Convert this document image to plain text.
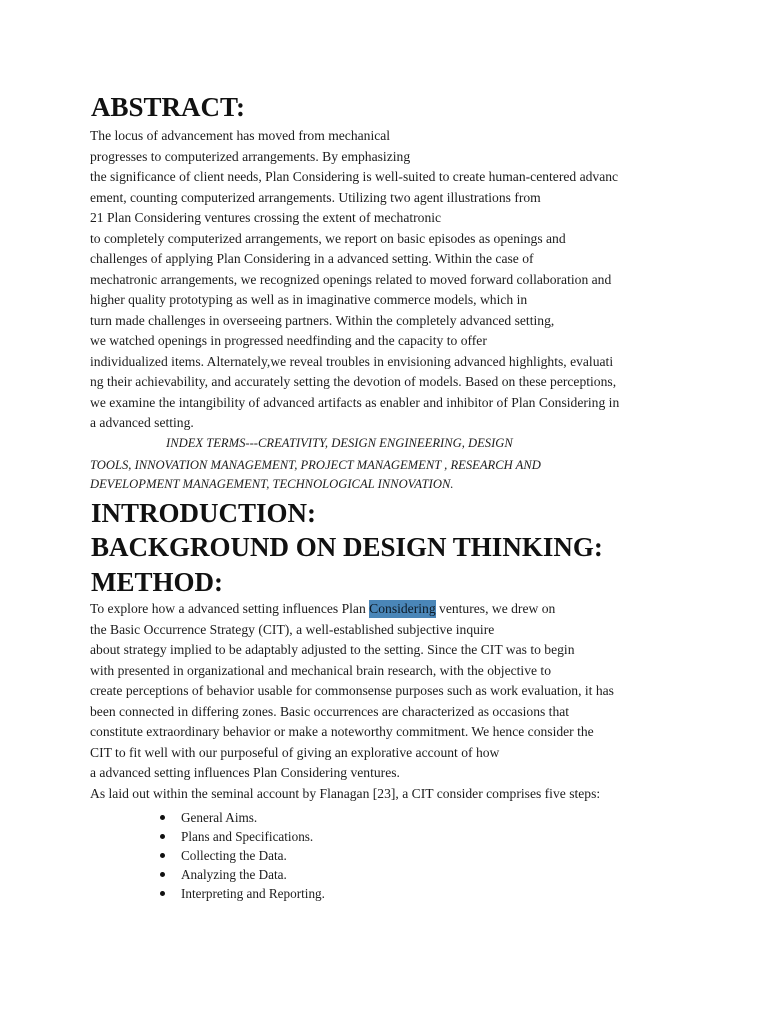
ABSTRACT:
The locus of advancement has moved from mechanical
progresses to computerized arrangements. By emphasizing
the significance of client needs, Plan Considering is well-suited to create human-centered advanc
ement, counting computerized arrangements. Utilizing two agent illustrations from
21 Plan Considering ventures crossing the extent of mechatronic
to completely computerized arrangements, we report on basic episodes as openings and
challenges of applying Plan Considering in a advanced setting. Within the case of
mechatronic arrangements, we recognized openings related to moved forward collaboration and
higher quality prototyping as well as in imaginative commerce models, which in
turn made challenges in overseeing partners. Within the completely advanced setting,
we watched openings in progressed needfinding and the capacity to offer
individualized items. Alternately,we reveal troubles in envisioning advanced highlights, evaluati
ng their achievability, and accurately setting the devotion of models. Based on these perceptions,
we examine the intangibility of advanced artifacts as enabler and inhibitor of Plan Considering in
a advanced setting.
INDEX TERMS---CREATIVITY, DESIGN ENGINEERING, DESIGN
TOOLS, INNOVATION MANAGEMENT, PROJECT MANAGEMENT , RESEARCH AND
DEVELOPMENT MANAGEMENT, TECHNOLOGICAL INNOVATION.
INTRODUCTION:
BACKGROUND ON DESIGN THINKING:
METHOD:
To explore how a advanced setting influences Plan Considering ventures, we drew on
the Basic Occurrence Strategy (CIT), a well-established subjective inquire
about strategy implied to be adaptably adjusted to the setting. Since the CIT was to begin
with presented in organizational and mechanical brain research, with the objective to
create perceptions of behavior usable for commonsense purposes such as work evaluation, it has
been connected in differing zones. Basic occurrences are characterized as occasions that
constitute extraordinary behavior or make a noteworthy commitment. We hence consider the
CIT to fit well with our purposeful of giving an explorative account of how
a advanced setting influences Plan Considering ventures.
As laid out within the seminal account by Flanagan [23], a CIT consider comprises five steps:
General Aims.
Plans and Specifications.
Collecting the Data.
Analyzing the Data.
Interpreting and Reporting.
